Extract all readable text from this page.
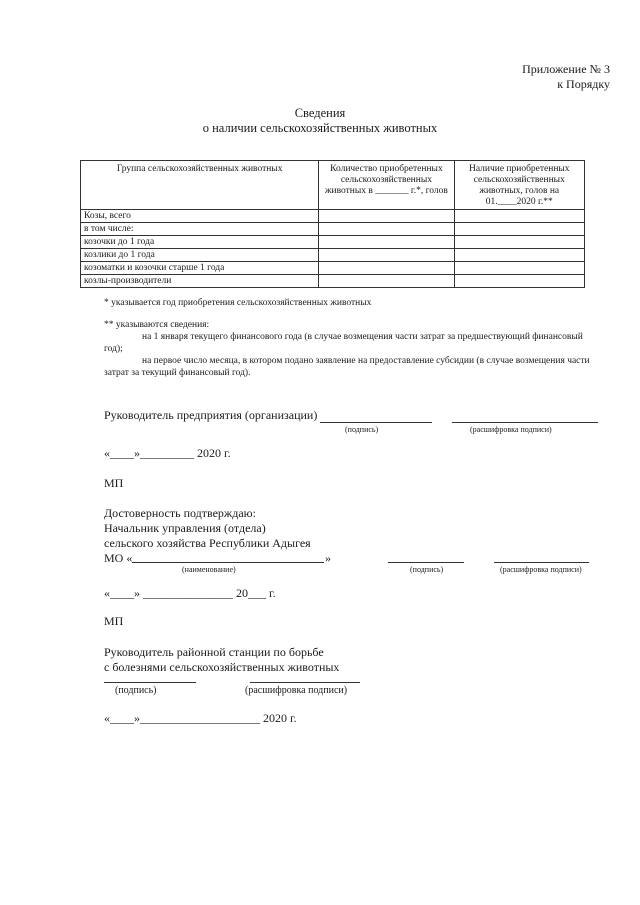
Приложение № 3
к Порядку
Сведения
о наличии сельскохозяйственных животных
Группа сельскохозяйственных животных	Количество приобретенных сельскохозяйственных животных в _______ г.*, голов	Наличие приобретенных сельскохозяйственных животных, голов на 01.____2020 г.**
Козы, всего		
в том числе:		
козочки до 1 года		
козлики до 1 года		
козоматки и козочки старше 1 года		
козлы-производители		
* указывается год приобретения сельскохозяйственных животных
** указываются сведения:
на 1 января текущего финансового года (в случае возмещения части затрат за предшествующий финансовый год);
на первое число месяца, в котором подано заявление на предоставление субсидии (в случае возмещения части затрат за текущий финансовый год).
Руководитель предприятия (организации)
(подпись)	(расшифровка подписи)
«____»_________ 2020 г.
МП
Достоверность подтверждаю:
Начальник управления (отдела)
сельского хозяйства Республики Адыгея
МО «	»
(наименование)	(подпись)	(расшифровка подписи)
«____» _______________ 20___ г.
МП
Руководитель районной станции по борьбе
с болезнями сельскохозяйственных животных
(подпись)	(расшифровка подписи)
«____»____________________ 2020 г.
